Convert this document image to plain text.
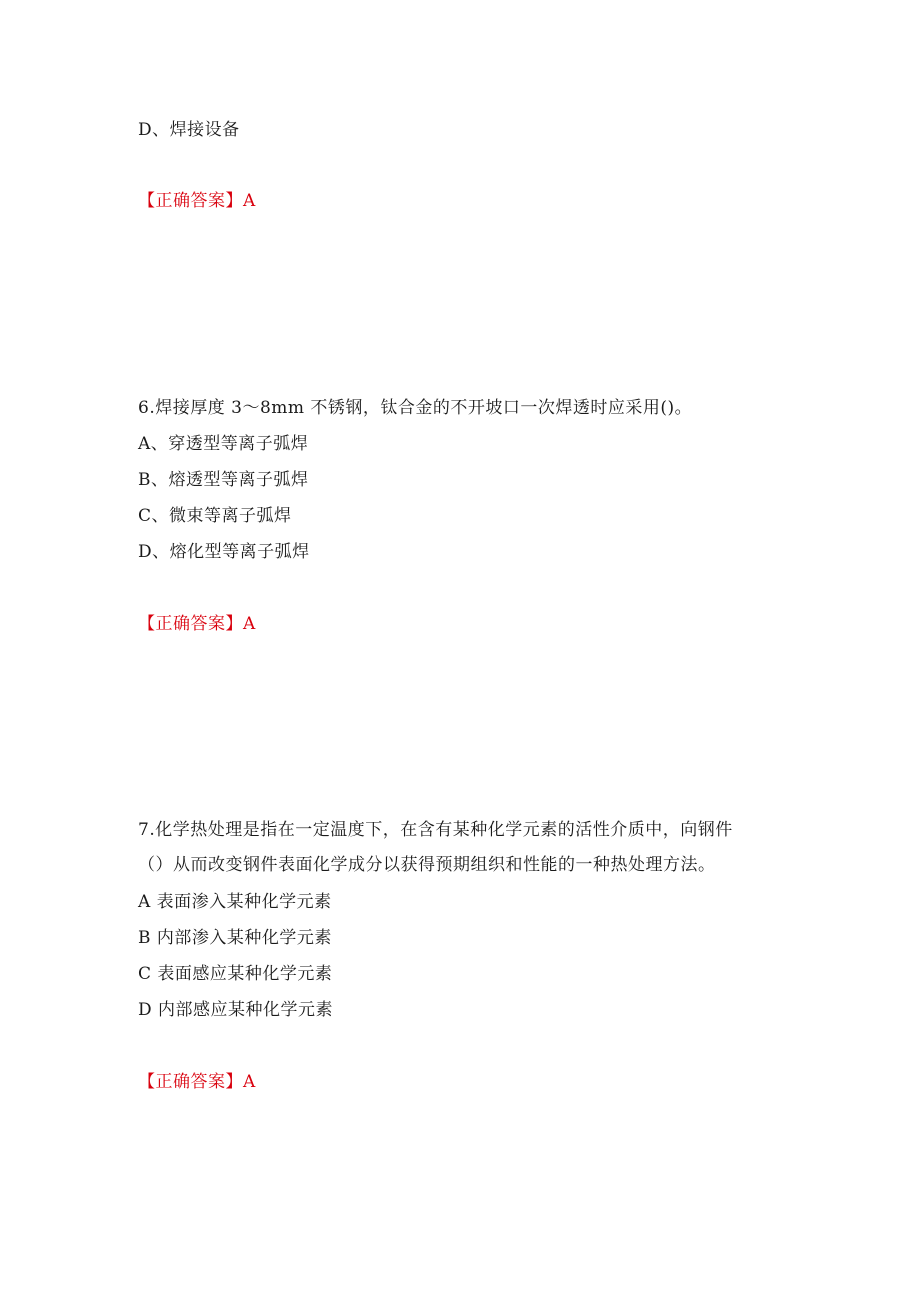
D、焊接设备
【正确答案】A
6.焊接厚度 3～8mm 不锈钢，钛合金的不开坡口一次焊透时应采用()。
A、穿透型等离子弧焊
B、熔透型等离子弧焊
C、微束等离子弧焊
D、熔化型等离子弧焊
【正确答案】A
7.化学热处理是指在一定温度下，在含有某种化学元素的活性介质中，向钢件
（）从而改变钢件表面化学成分以获得预期组织和性能的一种热处理方法。
A 表面渗入某种化学元素
B 内部渗入某种化学元素
C 表面感应某种化学元素
D 内部感应某种化学元素
【正确答案】A
